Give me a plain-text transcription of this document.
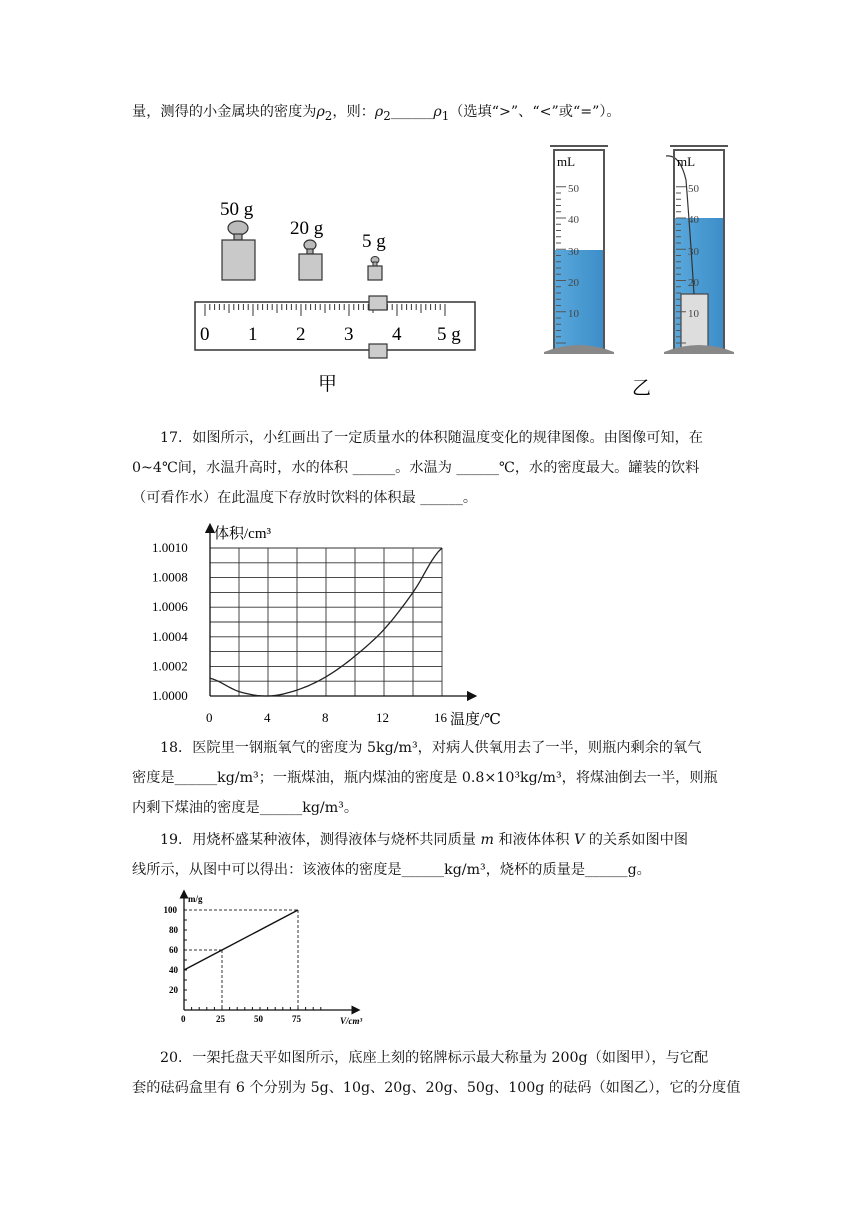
量，测得的小金属块的密度为$\rho_2$，则：$\rho_2\_\_\_\_\_\_\rho_1$（选填“>”、“<”或“=”）。
50 g
20 g
5 g
0 1 2 3 4 5 g
甲
mL
50
40
30
20
10
mL
50
40
30
20
10
乙
17．如图所示，小红画出了一定质量水的体积随温度变化的规律图像。由图像可知，在
0~4℃间，水温升高时，水的体积 ______。水温为 ______℃，水的密度最大。罐装的饮料
（可看作水）在此温度下存放时饮料的体积最 ______。
0	4	8	12	16
1.0000
1.0002
1.0004
1.0006
1.0008
1.0010
体积/cm³
温度/℃
18．医院里一钢瓶氧气的密度为 5kg/m³，对病人供氧用去了一半，则瓶内剩余的氧气
密度是______kg/m³；一瓶煤油，瓶内煤油的密度是 0.8×10³kg/m³，将煤油倒去一半，则瓶
内剩下煤油的密度是______kg/m³。
19．用烧杯盛某种液体，测得液体与烧杯共同质量 m 和液体体积 V 的关系如图中图
线所示，从图中可以得出：该液体的密度是______kg/m³，烧杯的质量是______g。
0	25	50	75
20
40
60
80
100
m/g
V/cm³
20．一架托盘天平如图所示，底座上刻的铭牌标示最大称量为 200g（如图甲），与它配
套的砝码盒里有 6 个分别为 5g、10g、20g、20g、50g、100g 的砝码（如图乙），它的分度值
